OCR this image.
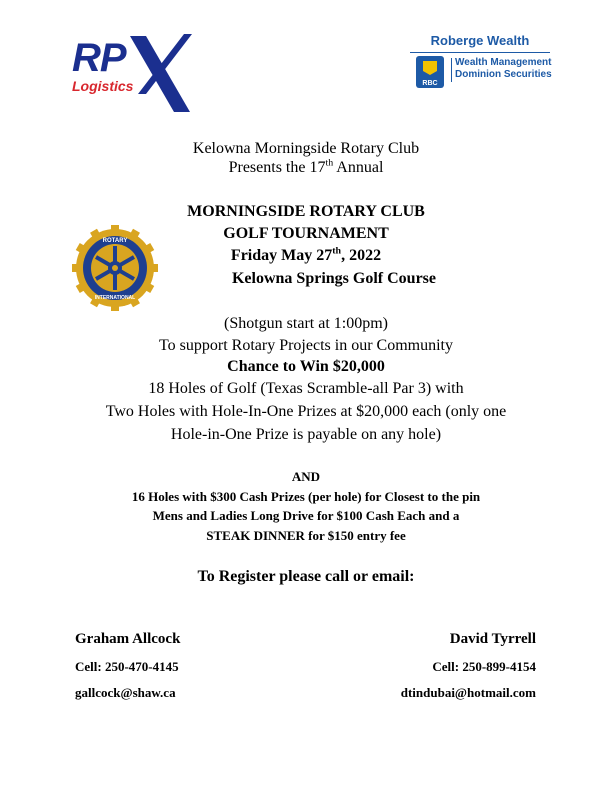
RP
Logistics
Roberge Wealth
RBC
Wealth Management
Dominion Securities
Kelowna Morningside Rotary Club
Presents the 17th Annual
ROTARY
INTERNATIONAL
MORNINGSIDE ROTARY CLUB
GOLF TOURNAMENT
Friday May 27th, 2022
Kelowna Springs Golf Course
(Shotgun start at 1:00pm)
To support Rotary Projects in our Community
Chance to Win $20,000
18 Holes of Golf (Texas Scramble-all Par 3) with
Two Holes with Hole-In-One Prizes at $20,000 each (only one
Hole-in-One Prize is payable on any hole)
AND
16 Holes with $300 Cash Prizes (per hole) for Closest to the pin
Mens and Ladies Long Drive for $100 Cash Each and a
STEAK DINNER for $150 entry fee
To Register please call or email:
Graham Allcock
Cell: 250-470-4145
gallcock@shaw.ca
David Tyrrell
Cell: 250-899-4154
dtindubai@hotmail.com
